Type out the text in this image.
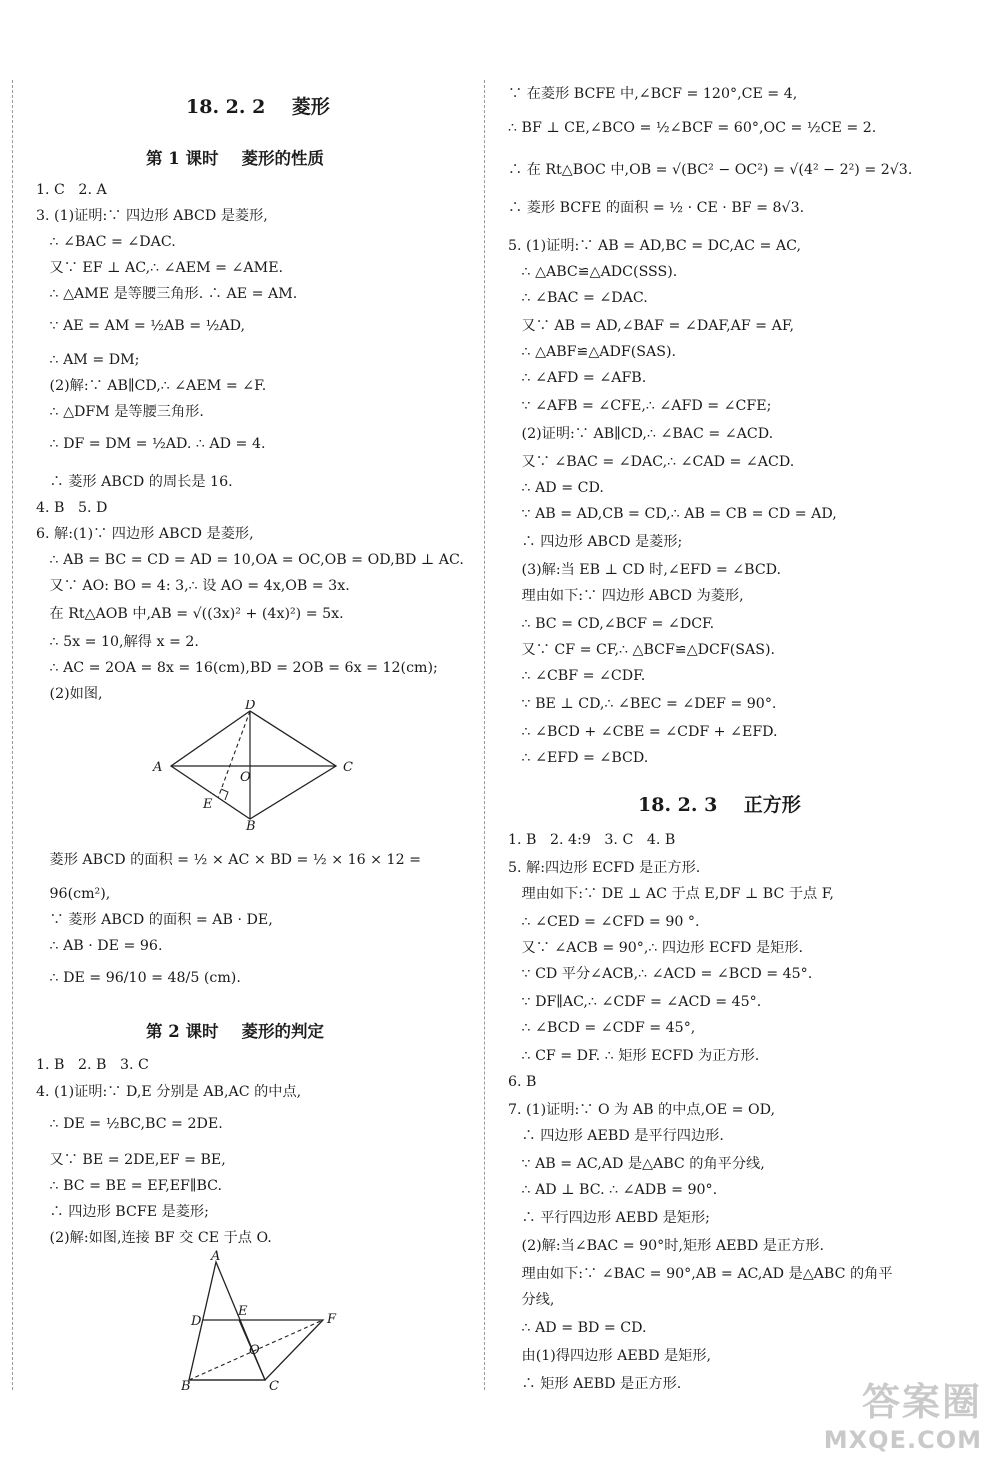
18. 2. 2    菱形
第 1 课时    菱形的性质
1. C   2. A
3. (1)证明:∵ 四边形 ABCD 是菱形,
∴ ∠BAC = ∠DAC.
又∵ EF ⊥ AC,∴ ∠AEM = ∠AME.
∴ △AME 是等腰三角形. ∴ AE = AM.
∵ AE = AM = ½AB = ½AD,
∴ AM = DM;
(2)解:∵ AB∥CD,∴ ∠AEM = ∠F.
∴ △DFM 是等腰三角形.
∴ DF = DM = ½AD. ∴ AD = 4.
∴ 菱形 ABCD 的周长是 16.
4. B   5. D
6. 解:(1)∵ 四边形 ABCD 是菱形,
∴ AB = BC = CD = AD = 10,OA = OC,OB = OD,BD ⊥ AC.
又∵ AO: BO = 4: 3,∴ 设 AO = 4x,OB = 3x.
在 Rt△AOB 中,AB = √((3x)² + (4x)²) = 5x.
∴ 5x = 10,解得 x = 2.
∴ AC = 2OA = 8x = 16(cm),BD = 2OB = 6x = 12(cm);
(2)如图,
D
A
O
C
E
B
菱形 ABCD 的面积 = ½ × AC × BD = ½ × 16 × 12 =
96(cm²),
∵ 菱形 ABCD 的面积 = AB · DE,
∴ AB · DE = 96.
∴ DE = 96/10 = 48/5 (cm).
第 2 课时    菱形的判定
1. B   2. B   3. C
4. (1)证明:∵ D,E 分别是 AB,AC 的中点,
∴ DE = ½BC,BC = 2DE.
又∵ BE = 2DE,EF = BE,
∴ BC = BE = EF,EF∥BC.
∴ 四边形 BCFE 是菱形;
(2)解:如图,连接 BF 交 CE 于点 O.
A
D
E
F
O
B	C
∵ 在菱形 BCFE 中,∠BCF = 120°,CE = 4,
∴ BF ⊥ CE,∠BCO = ½∠BCF = 60°,OC = ½CE = 2.
∴ 在 Rt△BOC 中,OB = √(BC² − OC²) = √(4² − 2²) = 2√3.
∴ 菱形 BCFE 的面积 = ½ · CE · BF = 8√3.
5. (1)证明:∵ AB = AD,BC = DC,AC = AC,
∴ △ABC≌△ADC(SSS).
∴ ∠BAC = ∠DAC.
又∵ AB = AD,∠BAF = ∠DAF,AF = AF,
∴ △ABF≌△ADF(SAS).
∴ ∠AFD = ∠AFB.
∵ ∠AFB = ∠CFE,∴ ∠AFD = ∠CFE;
(2)证明:∵ AB∥CD,∴ ∠BAC = ∠ACD.
又∵ ∠BAC = ∠DAC,∴ ∠CAD = ∠ACD.
∴ AD = CD.
∵ AB = AD,CB = CD,∴ AB = CB = CD = AD,
∴ 四边形 ABCD 是菱形;
(3)解:当 EB ⊥ CD 时,∠EFD = ∠BCD.
理由如下:∵ 四边形 ABCD 为菱形,
∴ BC = CD,∠BCF = ∠DCF.
又∵ CF = CF,∴ △BCF≌△DCF(SAS).
∴ ∠CBF = ∠CDF.
∵ BE ⊥ CD,∴ ∠BEC = ∠DEF = 90°.
∴ ∠BCD + ∠CBE = ∠CDF + ∠EFD.
∴ ∠EFD = ∠BCD.
18. 2. 3    正方形
1. B   2. 4:9   3. C   4. B
5. 解:四边形 ECFD 是正方形.
理由如下:∵ DE ⊥ AC 于点 E,DF ⊥ BC 于点 F,
∴ ∠CED = ∠CFD = 90 °.
又∵ ∠ACB = 90°,∴ 四边形 ECFD 是矩形.
∵ CD 平分∠ACB,∴ ∠ACD = ∠BCD = 45°.
∵ DF∥AC,∴ ∠CDF = ∠ACD = 45°.
∴ ∠BCD = ∠CDF = 45°,
∴ CF = DF. ∴ 矩形 ECFD 为正方形.
6. B
7. (1)证明:∵ O 为 AB 的中点,OE = OD,
∴ 四边形 AEBD 是平行四边形.
∵ AB = AC,AD 是△ABC 的角平分线,
∴ AD ⊥ BC. ∴ ∠ADB = 90°.
∴ 平行四边形 AEBD 是矩形;
(2)解:当∠BAC = 90°时,矩形 AEBD 是正方形.
理由如下:∵ ∠BAC = 90°,AB = AC,AD 是△ABC 的角平
分线,
∴ AD = BD = CD.
由(1)得四边形 AEBD 是矩形,
∴ 矩形 AEBD 是正方形.	答案圈
MXQE.COM
